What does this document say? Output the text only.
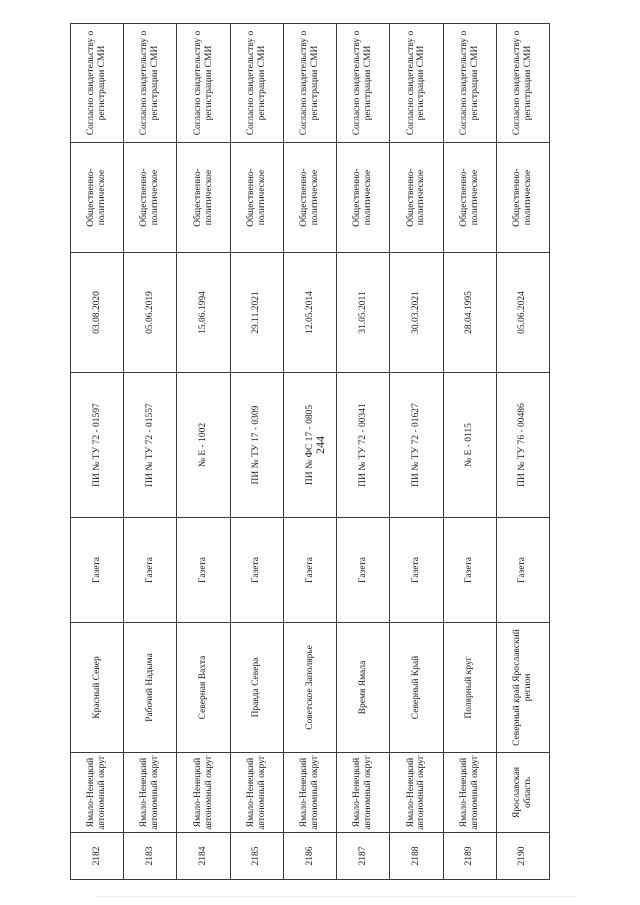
244
2182	Ямало-Ненецкий автономный округ	Красный Север	Газета	ПИ № ТУ 72 - 01597	03.08.2020	Общественно-политическое	Согласно свидетельству о регистрации СМИ
2183	Ямало-Ненецкий автономный округ	Рабочий Надыма	Газета	ПИ № ТУ 72 - 01557	05.06.2019	Общественно-политическое	Согласно свидетельству о регистрации СМИ
2184	Ямало-Ненецкий автономный округ	Северная Вахта	Газета	№ Е - 1002	15.06.1994	Общественно-политическое	Согласно свидетельству о регистрации СМИ
2185	Ямало-Ненецкий автономный округ	Правда Севера	Газета	ПИ № ТУ 17 - 0309	29.11.2021	Общественно-политическое	Согласно свидетельству о регистрации СМИ
2186	Ямало-Ненецкий автономный округ	Советское Заполярье	Газета	ПИ № ФС 17 - 0805	12.05.2014	Общественно-политическое	Согласно свидетельству о регистрации СМИ
2187	Ямало-Ненецкий автономный округ	Время Ямала	Газета	ПИ № ТУ 72 - 00341	31.05.2011	Общественно-политическое	Согласно свидетельству о регистрации СМИ
2188	Ямало-Ненецкий автономный округ	Северный Край	Газета	ПИ № ТУ 72 - 01627	30.03.2021	Общественно-политическое	Согласно свидетельству о регистрации СМИ
2189	Ямало-Ненецкий автономный округ	Полярный круг	Газета	№ Е - 0115	28.04.1995	Общественно-политическое	Согласно свидетельству о регистрации СМИ
2190	Ярославская область	Северный край Ярославский регион	Газета	ПИ № ТУ 76 - 00486	05.06.2024	Общественно-политическое	Согласно свидетельству о регистрации СМИ
